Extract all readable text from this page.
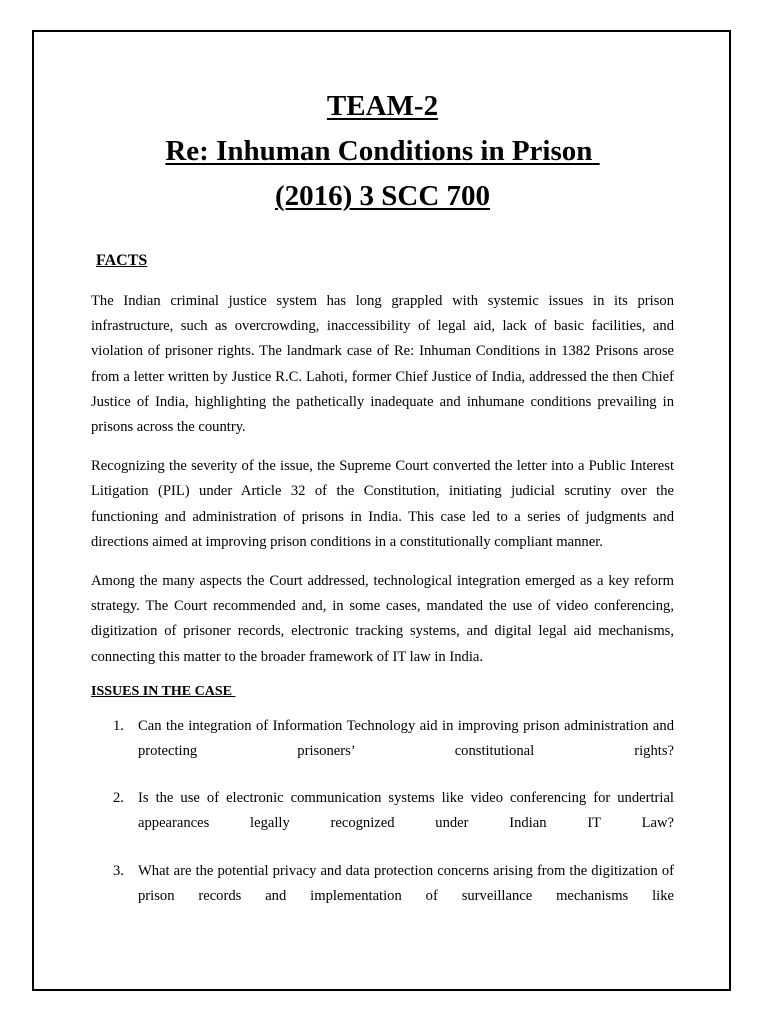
TEAM-2
Re: Inhuman Conditions in Prison
(2016) 3 SCC 700
FACTS

The Indian criminal justice system has long grappled with systemic issues in its prison infrastructure, such as overcrowding, inaccessibility of legal aid, lack of basic facilities, and violation of prisoner rights. The landmark case of Re: Inhuman Conditions in 1382 Prisons arose from a letter written by Justice R.C. Lahoti, former Chief Justice of India, addressed the then Chief Justice of India, highlighting the pathetically inadequate and inhumane conditions prevailing in prisons across the country.

Recognizing the severity of the issue, the Supreme Court converted the letter into a Public Interest Litigation (PIL) under Article 32 of the Constitution, initiating judicial scrutiny over the functioning and administration of prisons in India. This case led to a series of judgments and directions aimed at improving prison conditions in a constitutionally compliant manner.

Among the many aspects the Court addressed, technological integration emerged as a key reform strategy. The Court recommended and, in some cases, mandated the use of video conferencing, digitization of prisoner records, electronic tracking systems, and digital legal aid mechanisms, connecting this matter to the broader framework of IT law in India.

ISSUES IN THE CASE
1. Can the integration of Information Technology aid in improving prison administration and protecting prisoners’ constitutional rights?
2. Is the use of electronic communication systems like video conferencing for undertrial appearances legally recognized under Indian IT Law?
3. What are the potential privacy and data protection concerns arising from the digitization of prison records and implementation of surveillance mechanisms like
